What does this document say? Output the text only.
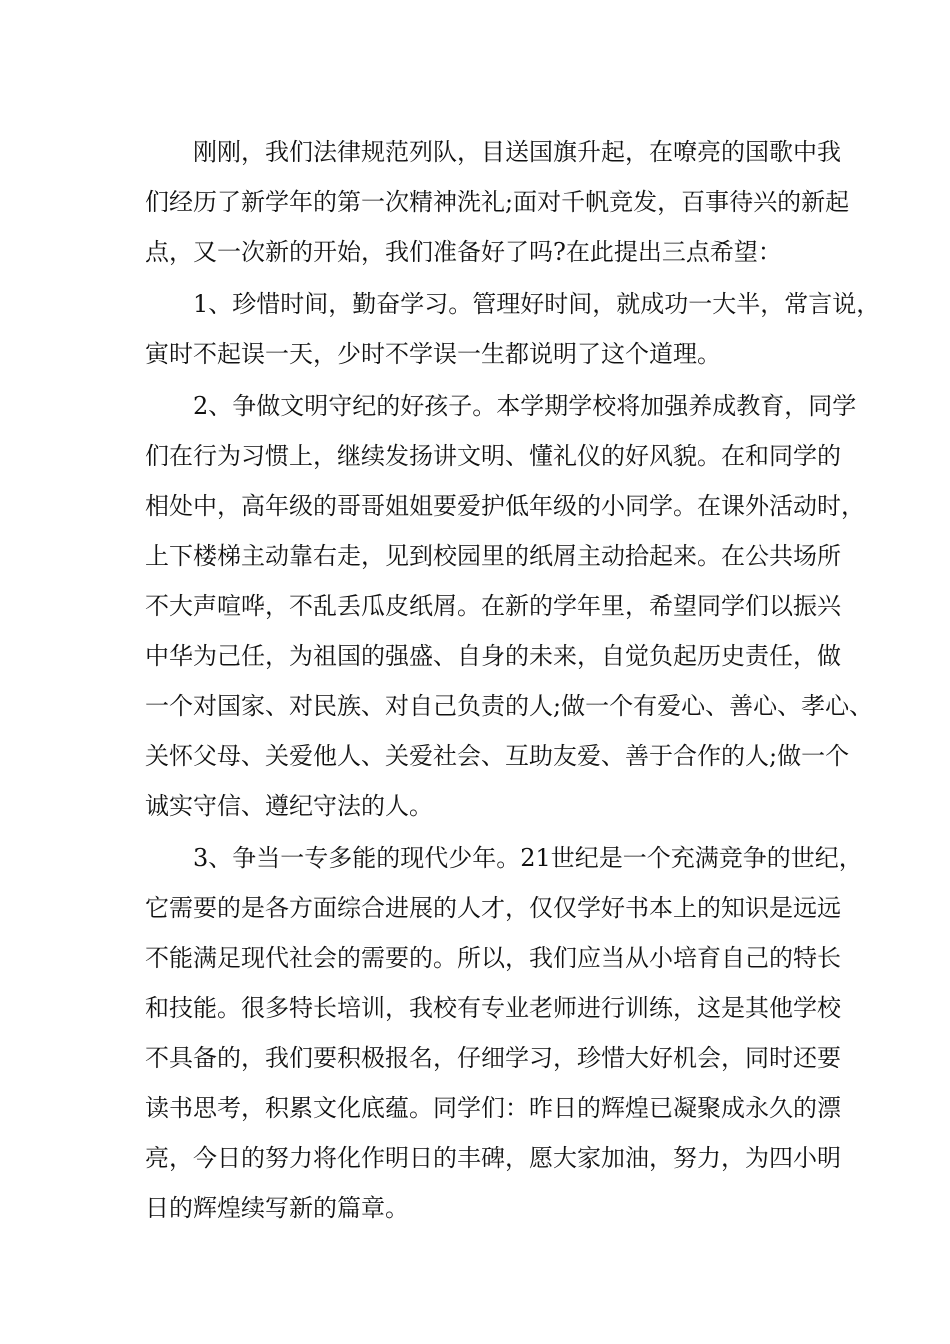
刚刚，我们法律规范列队，目送国旗升起，在嘹亮的国歌中我
们经历了新学年的第一次精神洗礼;面对千帆竞发，百事待兴的新起
点，又一次新的开始，我们准备好了吗?在此提出三点希望：
1、珍惜时间，勤奋学习。管理好时间，就成功一大半，常言说，
寅时不起误一天，少时不学误一生都说明了这个道理。
2、争做文明守纪的好孩子。本学期学校将加强养成教育，同学
们在行为习惯上，继续发扬讲文明、懂礼仪的好风貌。在和同学的
相处中，高年级的哥哥姐姐要爱护低年级的小同学。在课外活动时，
上下楼梯主动靠右走，见到校园里的纸屑主动拾起来。在公共场所
不大声喧哗，不乱丢瓜皮纸屑。在新的学年里，希望同学们以振兴
中华为己任，为祖国的强盛、自身的未来，自觉负起历史责任，做
一个对国家、对民族、对自己负责的人;做一个有爱心、善心、孝心、
关怀父母、关爱他人、关爱社会、互助友爱、善于合作的人;做一个
诚实守信、遵纪守法的人。
3、争当一专多能的现代少年。21世纪是一个充满竞争的世纪，
它需要的是各方面综合进展的人才，仅仅学好书本上的知识是远远
不能满足现代社会的需要的。所以，我们应当从小培育自己的特长
和技能。很多特长培训，我校有专业老师进行训练，这是其他学校
不具备的，我们要积极报名，仔细学习，珍惜大好机会，同时还要
读书思考，积累文化底蕴。同学们：昨日的辉煌已凝聚成永久的漂
亮，今日的努力将化作明日的丰碑，愿大家加油，努力，为四小明
日的辉煌续写新的篇章。
